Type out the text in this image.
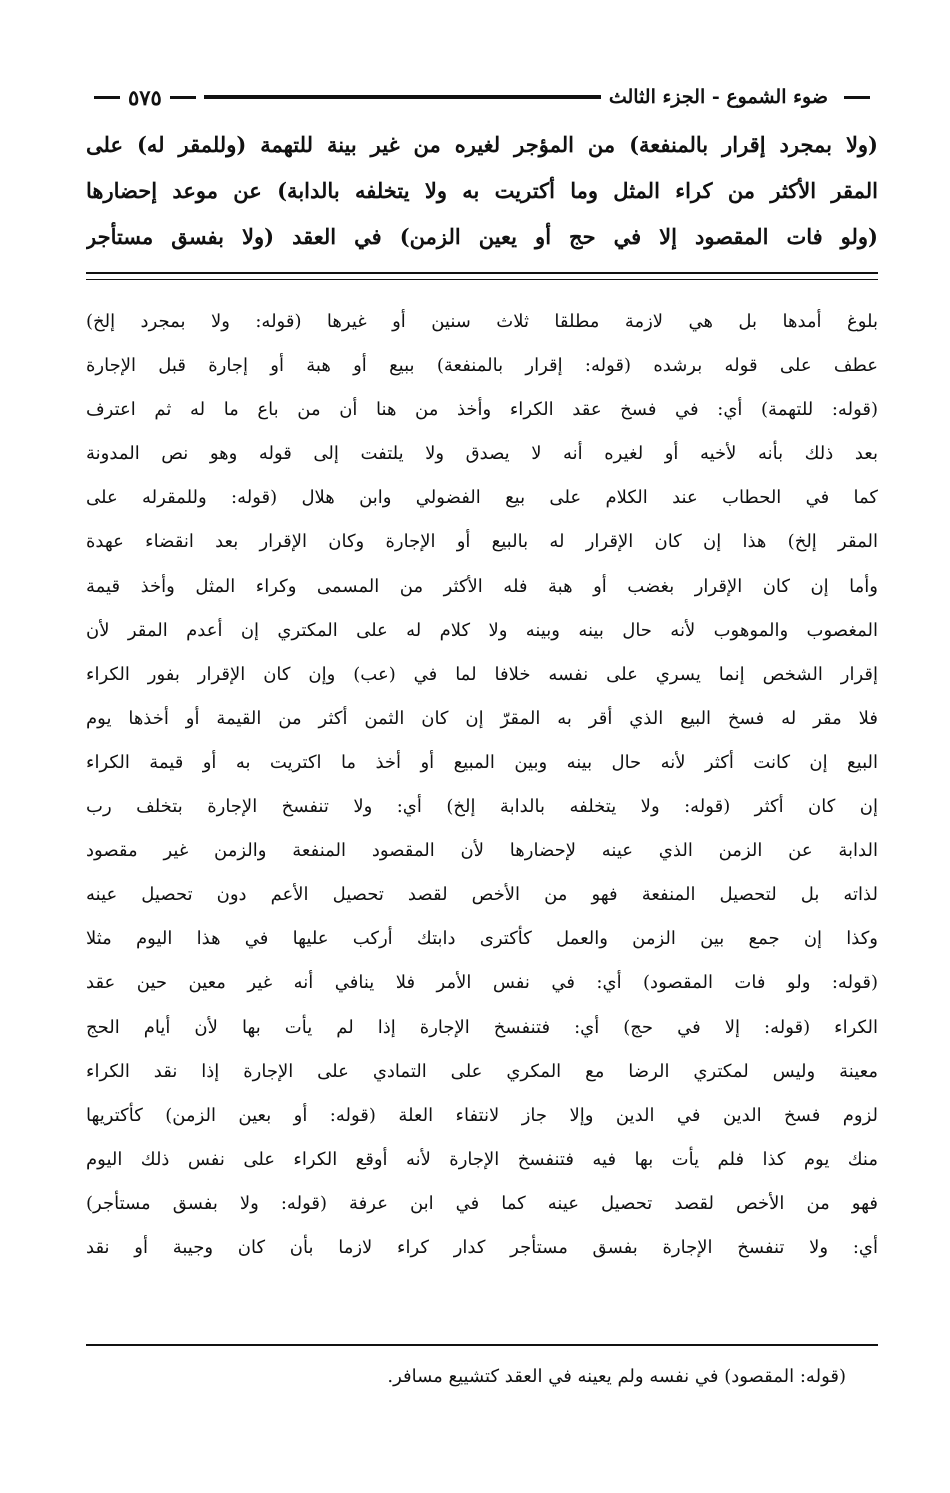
٥٧٥	ضوء الشموع - الجزء الثالث

(ولا بمجرد إقرار بالمنفعة) من المؤجر لغيره من غير بينة للتهمة (وللمقر له) على

المقر الأكثر من كراء المثل وما أكتريت به ولا يتخلفه بالدابة) عن موعد إحضارها

(ولو فات المقصود إلا في حج أو يعين الزمن) في العقد (ولا بفسق مستأجر

بلوغ أمدها بل هي لازمة مطلقا ثلاث سنين أو غيرها (قوله: ولا بمجرد إلخ)

عطف على قوله برشده (قوله: إقرار بالمنفعة) ببيع أو هبة أو إجارة قبل الإجارة

(قوله: للتهمة) أي: في فسخ عقد الكراء وأخذ من هنا أن من باع ما له ثم اعترف

بعد ذلك بأنه لأخيه أو لغيره أنه لا يصدق ولا يلتفت إلى قوله وهو نص المدونة

كما في الحطاب عند الكلام على بيع الفضولي وابن هلال (قوله: وللمقرله على

المقر إلخ) هذا إن كان الإقرار له بالبيع أو الإجارة وكان الإقرار بعد انقضاء عهدة

وأما إن كان الإقرار بغضب أو هبة فله الأكثر من المسمى وكراء المثل وأخذ قيمة

المغصوب والموهوب لأنه حال بينه وبينه ولا كلام له على المكتري إن أعدم المقر لأن

إقرار الشخص إنما يسري على نفسه خلافا لما في (عب) وإن كان الإقرار بفور الكراء

فلا مقر له فسخ البيع الذي أقر به المقرّ إن كان الثمن أكثر من القيمة أو أخذها يوم

البيع إن كانت أكثر لأنه حال بينه وبين المبيع أو أخذ ما اكتريت به أو قيمة الكراء

إن كان أكثر (قوله: ولا يتخلفه بالدابة إلخ) أي: ولا تنفسخ الإجارة بتخلف رب

الدابة عن الزمن الذي عينه لإحضارها لأن المقصود المنفعة والزمن غير مقصود

لذاته بل لتحصيل المنفعة فهو من الأخص لقصد تحصيل الأعم دون تحصيل عينه

وكذا إن جمع بين الزمن والعمل كأكترى دابتك أركب عليها في هذا اليوم مثلا

(قوله: ولو فات المقصود) أي: في نفس الأمر فلا ينافي أنه غير معين حين عقد

الكراء (قوله: إلا في حج) أي: فتنفسخ الإجارة إذا لم يأت بها لأن أيام الحج

معينة وليس لمكتري الرضا مع المكري على التمادي على الإجارة إذا نقد الكراء

لزوم فسخ الدين في الدين وإلا جاز لانتفاء العلة (قوله: أو بعين الزمن) كأكتريها

منك يوم كذا فلم يأت بها فيه فتنفسخ الإجارة لأنه أوقع الكراء على نفس ذلك اليوم

فهو من الأخص لقصد تحصيل عينه كما في ابن عرفة (قوله: ولا بفسق مستأجر)

أي: ولا تنفسخ الإجارة بفسق مستأجر كدار كراء لازما بأن كان وجيبة أو نقد

(قوله: المقصود) في نفسه ولم يعينه في العقد كتشييع مسافر.
